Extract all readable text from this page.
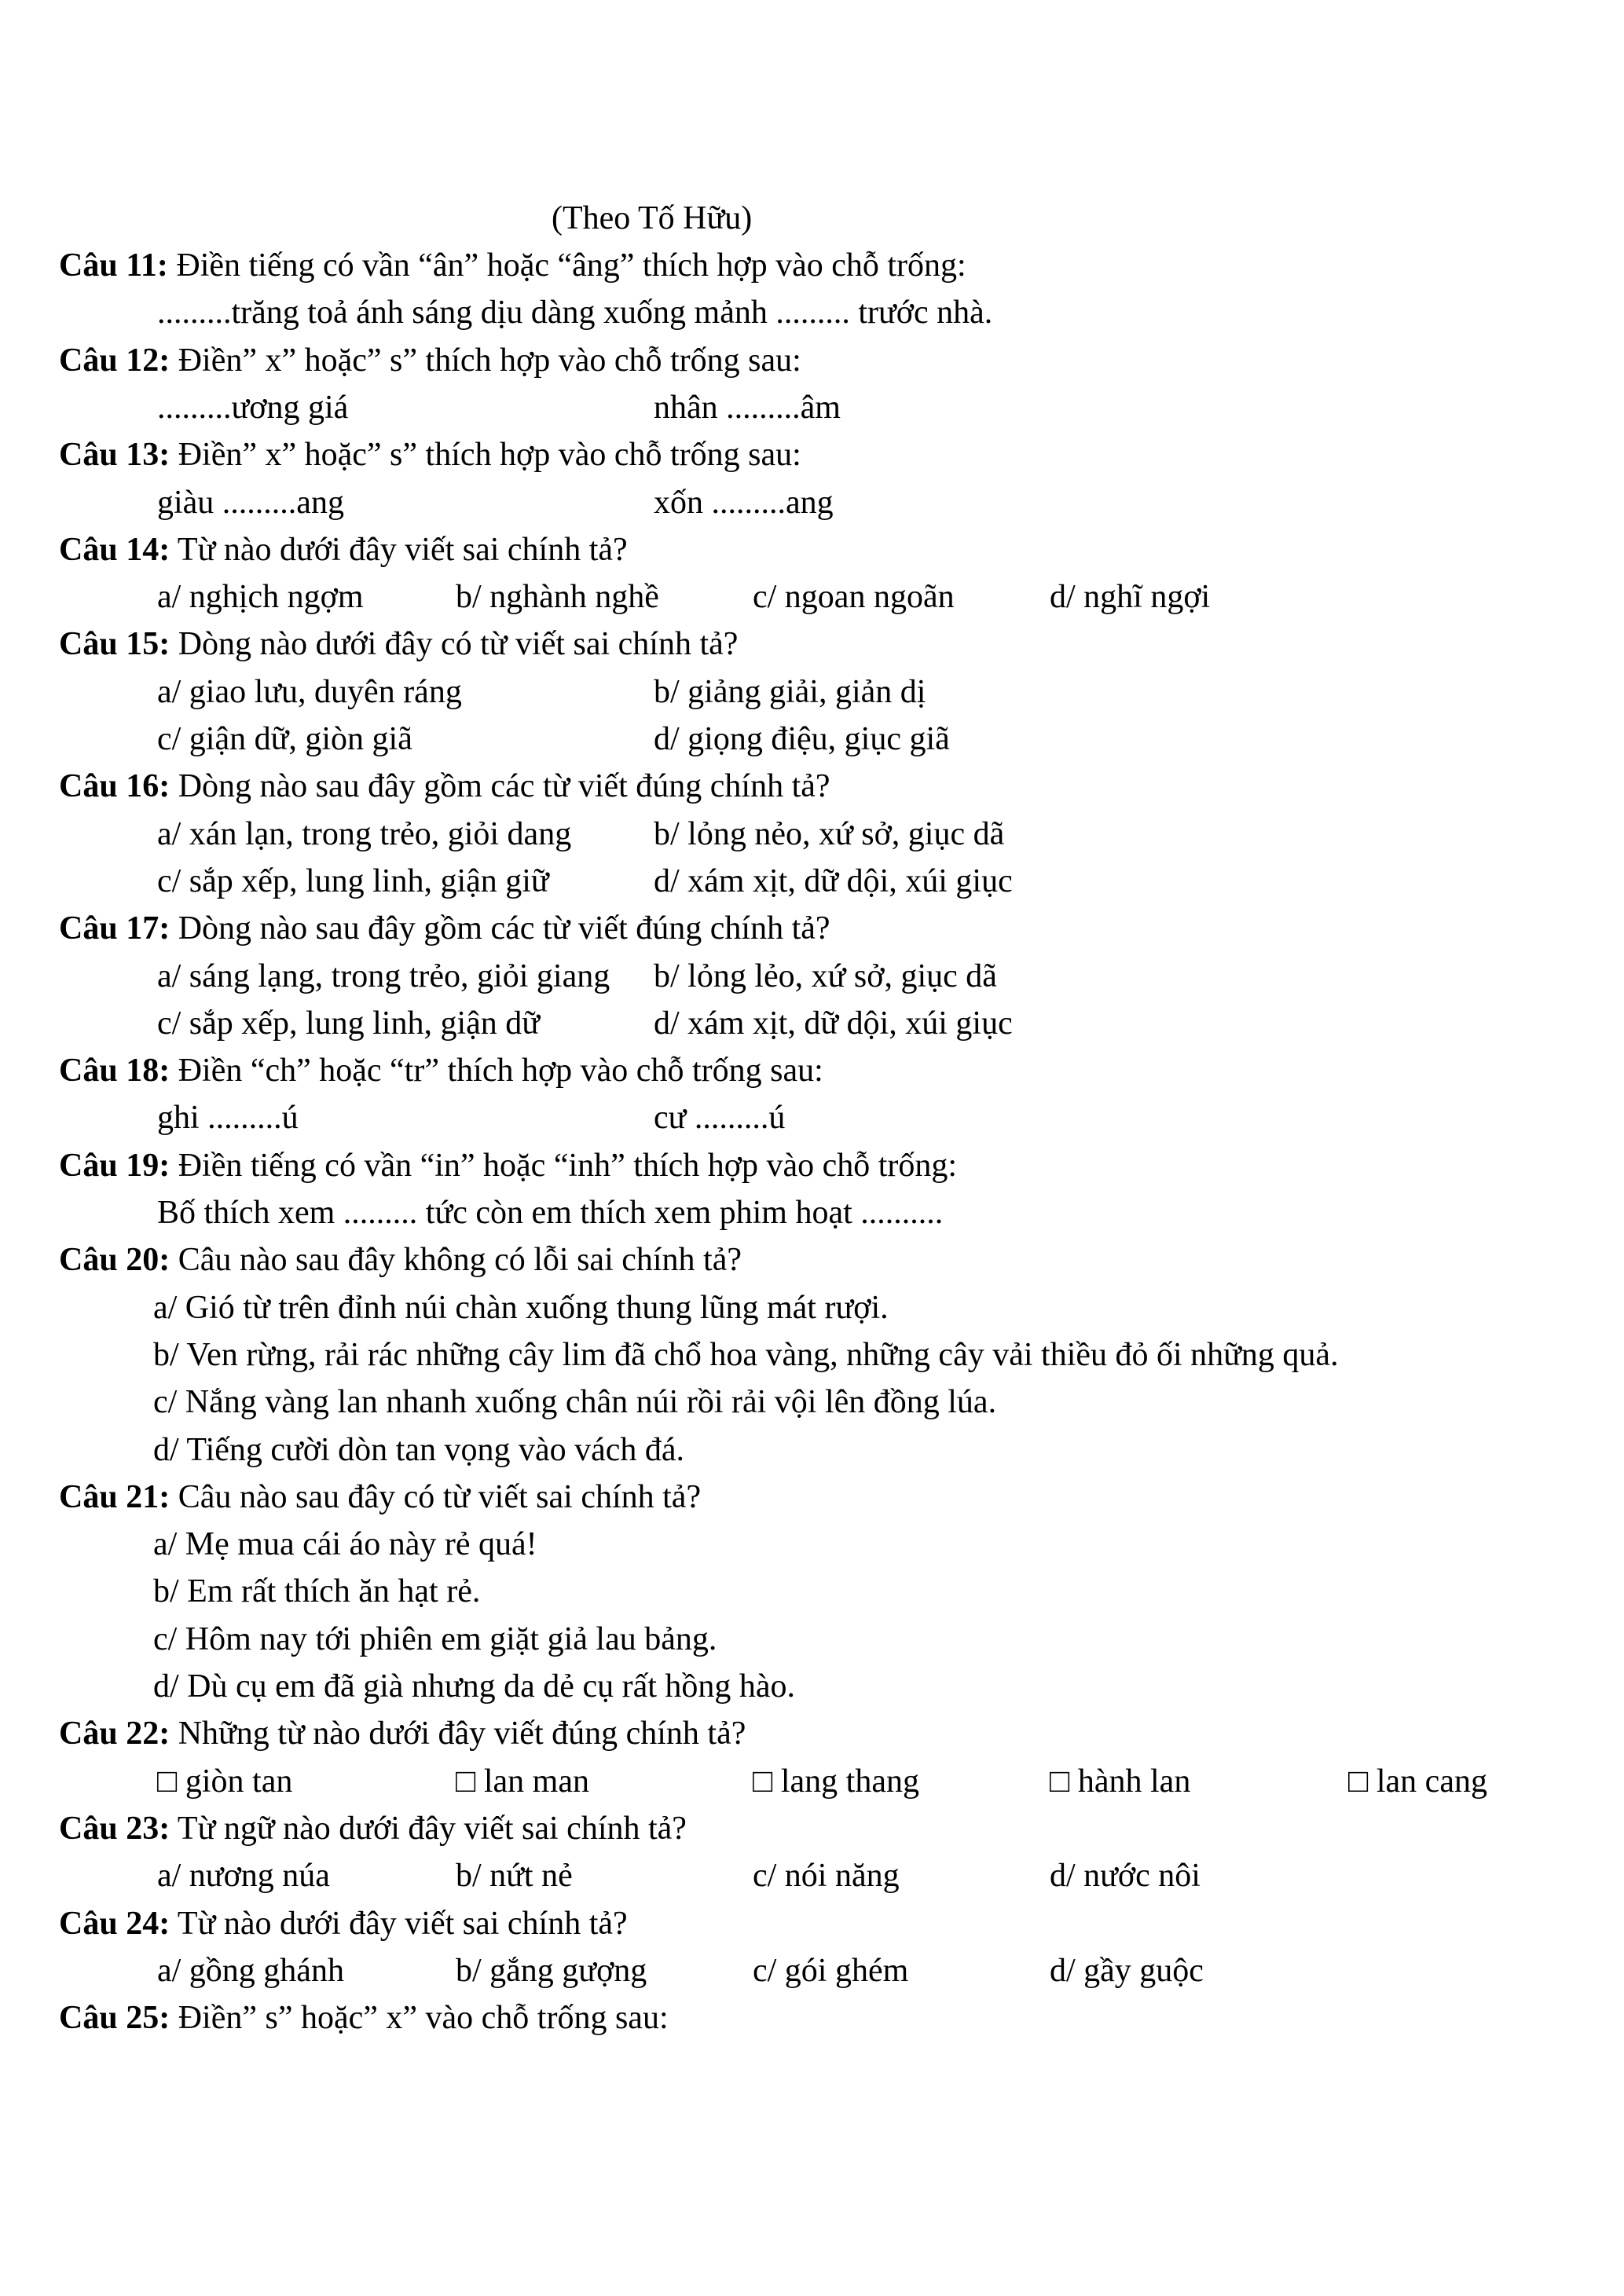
(Theo Tố Hữu)
Câu 11: Điền tiếng có vần “ân” hoặc “âng” thích hợp vào chỗ trống:
.........trăng toả ánh sáng dịu dàng xuống mảnh ......... trước nhà.
Câu 12: Điền” x” hoặc” s” thích hợp vào chỗ trống sau:
.........ương giá	nhân .........âm
Câu 13: Điền” x” hoặc” s” thích hợp vào chỗ trống sau:
giàu .........ang	xốn .........ang
Câu 14: Từ nào dưới đây viết sai chính tả?
a/ nghịch ngợm	b/ nghành nghề	c/ ngoan ngoãn	d/ nghĩ ngợi
Câu 15: Dòng nào dưới đây có từ viết sai chính tả?
a/ giao lưu, duyên ráng	b/ giảng giải, giản dị
c/ giận dữ, giòn giã	d/ giọng điệu, giục giã
Câu 16: Dòng nào sau đây gồm các từ viết đúng chính tả?
a/ xán lạn, trong trẻo, giỏi dang b/ lỏng nẻo, xứ sở, giục dã
c/ sắp xếp, lung linh, giận giữ	d/ xám xịt, dữ dội, xúi giục
Câu 17: Dòng nào sau đây gồm các từ viết đúng chính tả?
a/ sáng lạng, trong trẻo, giỏi giang b/ lỏng lẻo, xứ sở, giục dã
c/ sắp xếp, lung linh, giận dữ	d/ xám xịt, dữ dội, xúi giục
Câu 18: Điền “ch” hoặc “tr” thích hợp vào chỗ trống sau:
ghi .........ú	cư .........ú
Câu 19: Điền tiếng có vần “in” hoặc “inh” thích hợp vào chỗ trống:
Bố thích xem ......... tức còn em thích xem phim hoạt ..........
Câu 20: Câu nào sau đây không có lỗi sai chính tả?
a/ Gió từ trên đỉnh núi chàn xuống thung lũng mát rượi.
b/ Ven rừng, rải rác những cây lim đã chổ hoa vàng, những cây vải thiều đỏ ối những quả.
c/ Nắng vàng lan nhanh xuống chân núi rồi rải vội lên đồng lúa.
d/ Tiếng cười dòn tan vọng vào vách đá.
Câu 21: Câu nào sau đây có từ viết sai chính tả?
a/ Mẹ mua cái áo này rẻ quá!
b/ Em rất thích ăn hạt rẻ.
c/ Hôm nay tới phiên em giặt giả lau bảng.
d/ Dù cụ em đã già nhưng da dẻ cụ rất hồng hào.
Câu 22: Những từ nào dưới đây viết đúng chính tả?
□ giòn tan	□ lan man	□ lang thang	□ hành lan	□ lan cang
Câu 23: Từ ngữ nào dưới đây viết sai chính tả?
a/ nương núa	b/ nứt nẻ	c/ nói năng	d/ nước nôi
Câu 24: Từ nào dưới đây viết sai chính tả?
a/ gồng ghánh	b/ gắng gượng	c/ gói ghém	d/ gầy guộc
Câu 25: Điền” s” hoặc” x” vào chỗ trống sau:
